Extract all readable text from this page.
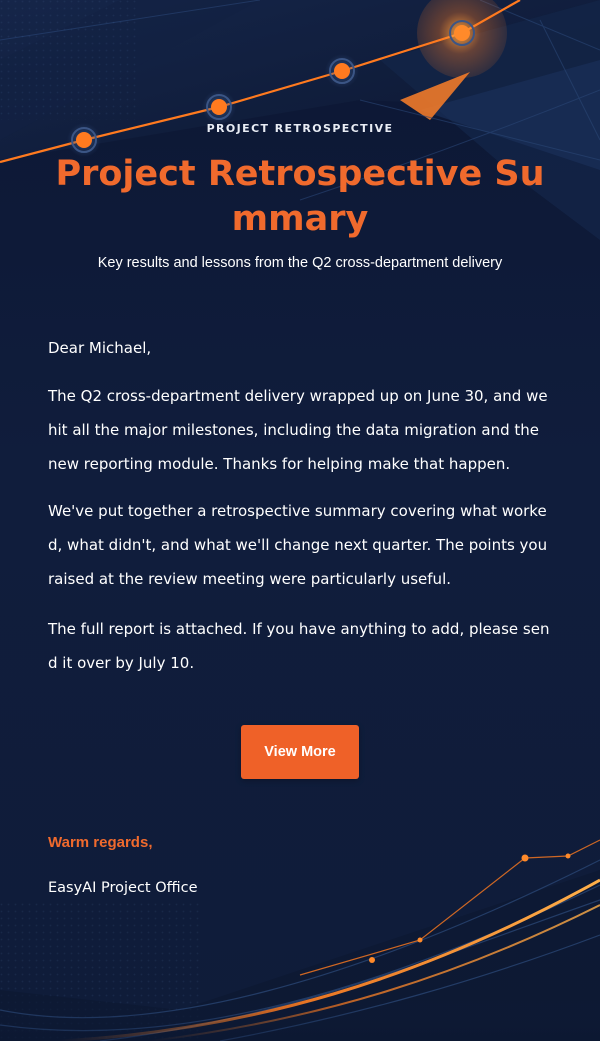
PROJECT RETROSPECTIVE
Project Retrospective Summary
Key results and lessons from the Q2 cross-department delivery

Dear Michael,

The Q2 cross-department delivery wrapped up on June 30, and we hit all the major milestones, including the data migration and the new reporting module. Thanks for helping make that happen.

We've put together a retrospective summary covering what worked, what didn't, and what we'll change next quarter. The points you raised at the review meeting were particularly useful.

The full report is attached. If you have anything to add, please send it over by July 10.

View More
Warm regards,
EasyAI Project Office
